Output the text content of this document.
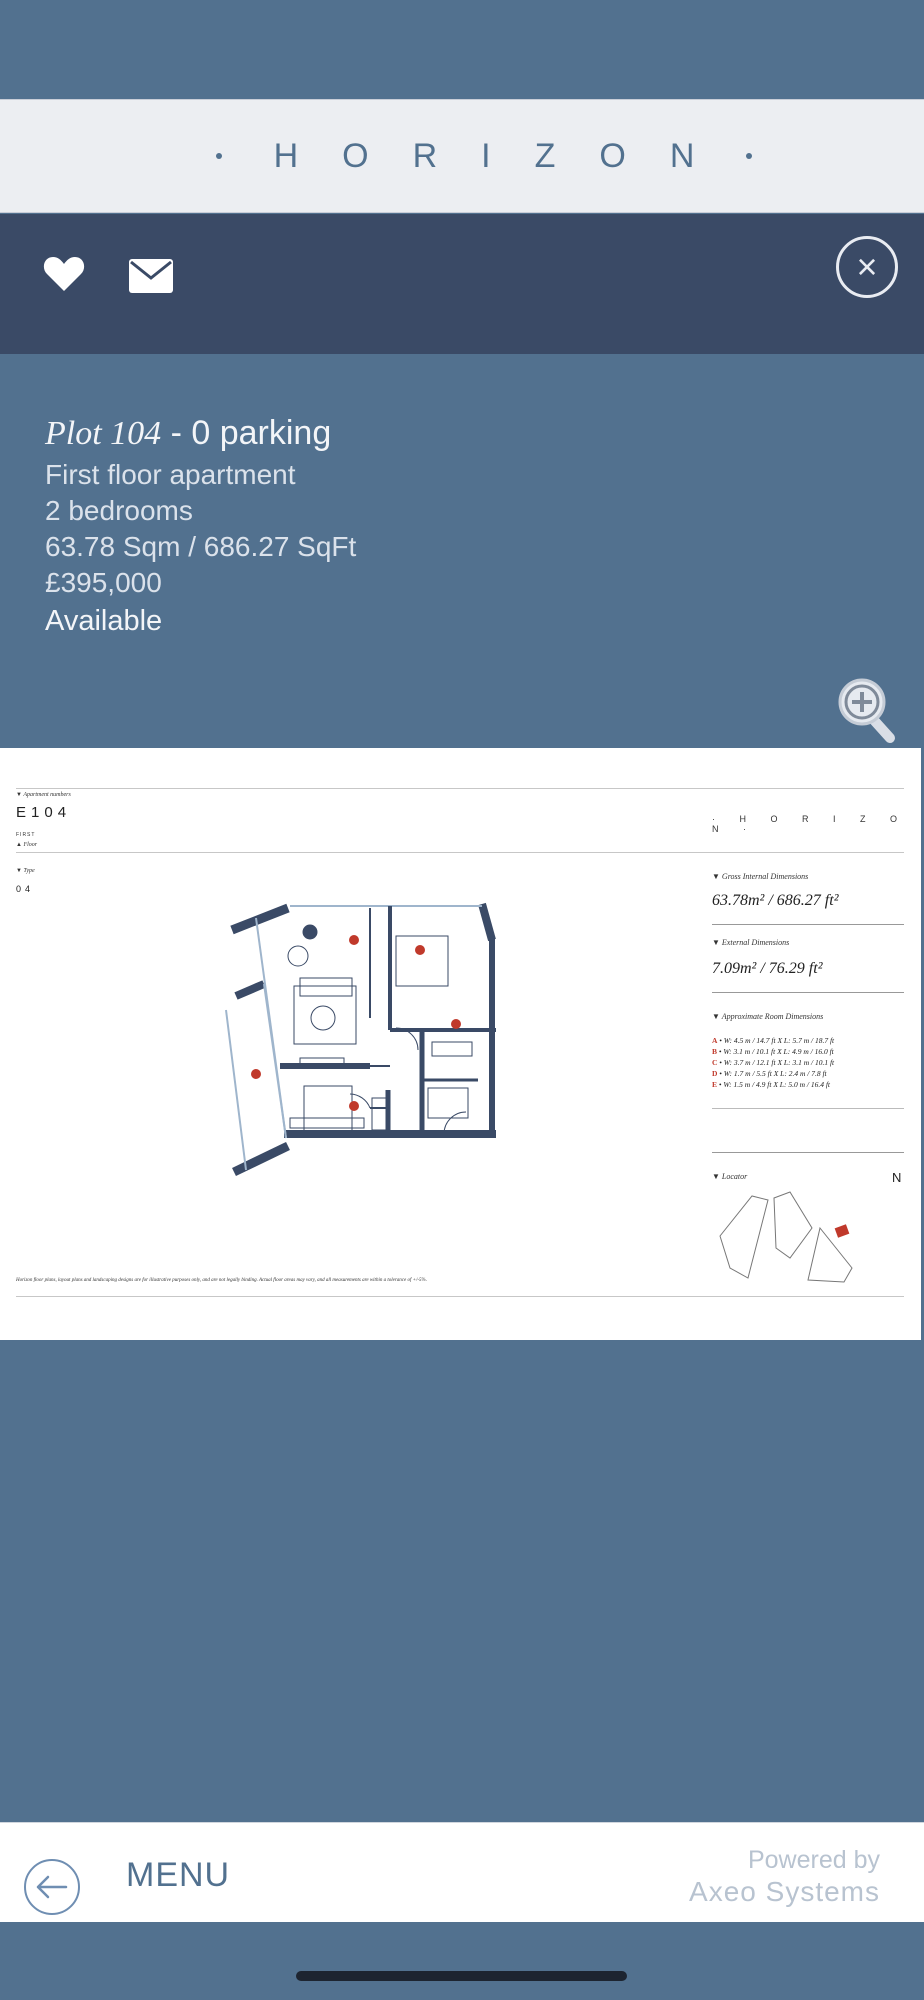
H O R I Z O N
×
Plot 104 - 0 parking
First floor apartment
2 bedrooms
63.78 Sqm / 686.27 SqFt
£395,000
Available
▼ Apartment numbers
E104
FIRST
▲ Floor
· H O R I Z O N ·
▼ Type
04
▼ Gross Internal Dimensions
63.78m² / 686.27 ft²
▼ External Dimensions
7.09m² / 76.29 ft²
▼ Approximate Room Dimensions
A • W: 4.5 m / 14.7 ft X L: 5.7 m / 18.7 ft
B • W: 3.1 m / 10.1 ft X L: 4.9 m / 16.0 ft
C • W: 3.7 m / 12.1 ft X L: 3.1 m / 10.1 ft
D • W: 1.7 m / 5.5 ft X L: 2.4 m / 7.8 ft
E • W: 1.5 m / 4.9 ft X L: 5.0 m / 16.4 ft
▼ Locator	N
Horizon floor plans, layout plans and landscaping designs are for illustrative purposes only, and are not legally binding. Actual floor areas may vary, and all measurements are within a tolerance of +/-5%.
MENU	Powered by
Axeo Systems
